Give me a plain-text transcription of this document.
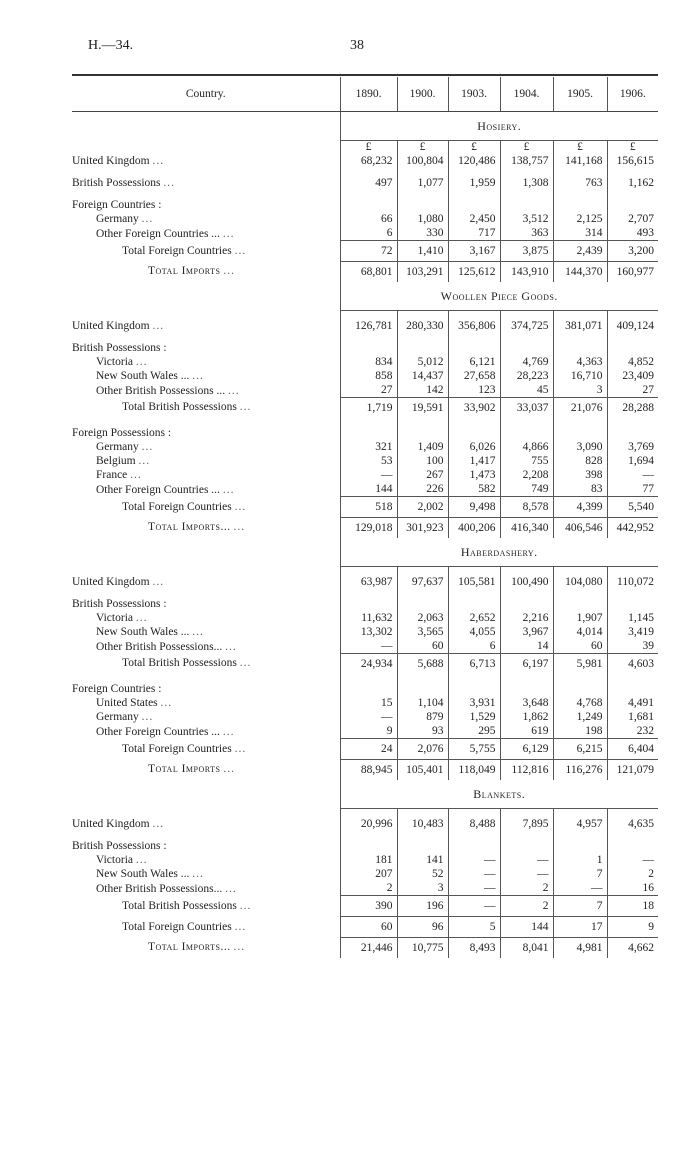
H.—34.	38
Country.	1890.	1900.	1903.	1904.	1905.	1906.
	Hosiery.					
	£	£	£	£	£	£
United Kingdom ...	68,232	100,804	120,486	138,757	141,168	156,615

British Possessions ...	497	1,077	1,959	1,308	763	1,162

Foreign Countries :						
Germany ...	66	1,080	2,450	3,512	2,125	2,707
Other Foreign Countries ... ...	6	330	717	363	314	493
Total Foreign Countries ...	72	1,410	3,167	3,875	2,439	3,200
Total Imports ...	68,801	103,291	125,612	143,910	144,370	160,977
	Woollen Piece Goods.					

United Kingdom ...	126,781	280,330	356,806	374,725	381,071	409,124

British Possessions :						
Victoria ...	834	5,012	6,121	4,769	4,363	4,852
New South Wales ... ...	858	14,437	27,658	28,223	16,710	23,409
Other British Possessions ... ...	27	142	123	45	3	27
Total British Possessions ...	1,719	19,591	33,902	33,037	21,076	28,288

Foreign Possessions :						
Germany ...	321	1,409	6,026	4,866	3,090	3,769
Belgium ...	53	100	1,417	755	828	1,694
France ...	—	267	1,473	2,208	398	—
Other Foreign Countries ... ...	144	226	582	749	83	77
Total Foreign Countries ...	518	2,002	9,498	8,578	4,399	5,540
Total Imports... ...	129,018	301,923	400,206	416,340	406,546	442,952
	Haberdashery.					

United Kingdom ...	63,987	97,637	105,581	100,490	104,080	110,072

British Possessions :						
Victoria ...	11,632	2,063	2,652	2,216	1,907	1,145
New South Wales ... ...	13,302	3,565	4,055	3,967	4,014	3,419
Other British Possessions... ...	—	60	6	14	60	39
Total British Possessions ...	24,934	5,688	6,713	6,197	5,981	4,603

Foreign Countries :						
United States ...	15	1,104	3,931	3,648	4,768	4,491
Germany ...	—	879	1,529	1,862	1,249	1,681
Other Foreign Countries ... ...	9	93	295	619	198	232
Total Foreign Countries ...	24	2,076	5,755	6,129	6,215	6,404
Total Imports ...	88,945	105,401	118,049	112,816	116,276	121,079
	Blankets.					

United Kingdom ...	20,996	10,483	8,488	7,895	4,957	4,635

British Possessions :						
Victoria ...	181	141	—	—	1	—
New South Wales ... ...	207	52	—	—	7	2
Other British Possessions... ...	2	3	—	2	—	16
Total British Possessions ...	390	196	—	2	7	18
Total Foreign Countries ...	60	96	5	144	17	9
Total Imports... ...	21,446	10,775	8,493	8,041	4,981	4,662
